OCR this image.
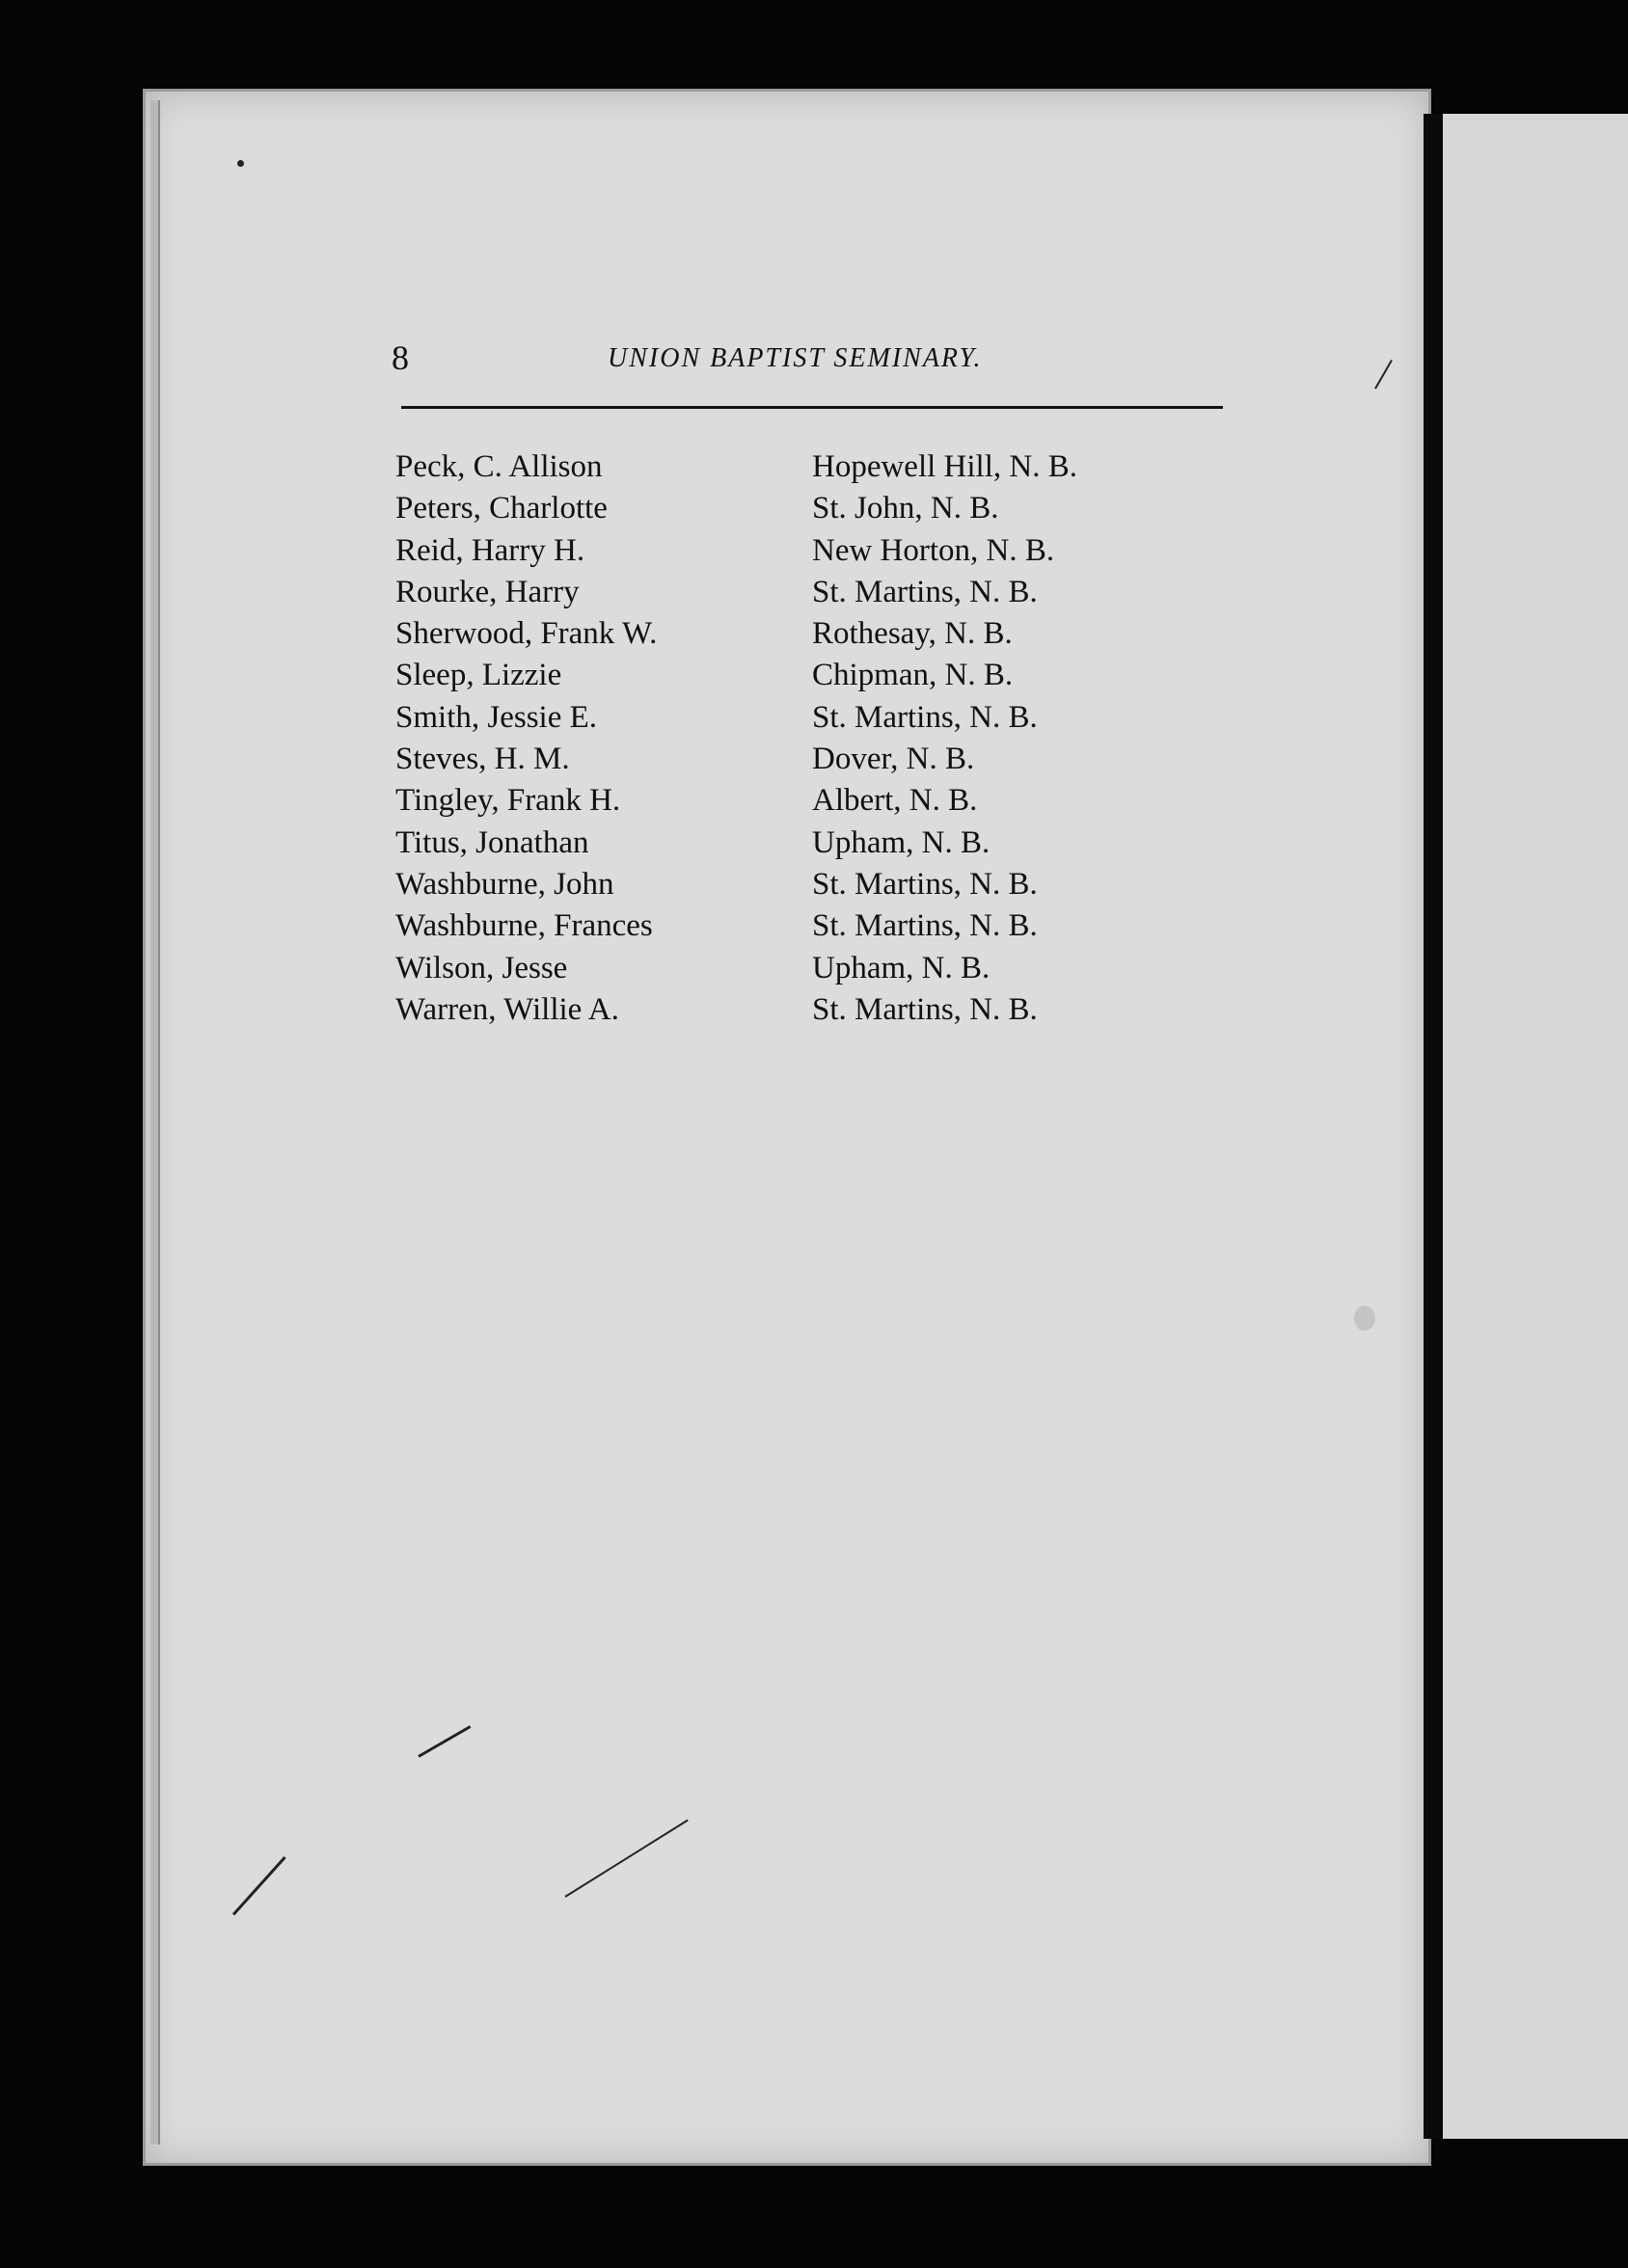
8	UNION BAPTIST SEMINARY.
Peck, C. Allison	Hopewell Hill, N. B.
Peters, Charlotte	St. John, N. B.
Reid, Harry H.	New Horton, N. B.
Rourke, Harry	St. Martins, N. B.
Sherwood, Frank W.	Rothesay, N. B.
Sleep, Lizzie	Chipman, N. B.
Smith, Jessie E.	St. Martins, N. B.
Steves, H. M.	Dover, N. B.
Tingley, Frank H.	Albert, N. B.
Titus, Jonathan	Upham, N. B.
Washburne, John	St. Martins, N. B.
Washburne, Frances	St. Martins, N. B.
Wilson, Jesse	Upham, N. B.
Warren, Willie A.	St. Martins, N. B.
